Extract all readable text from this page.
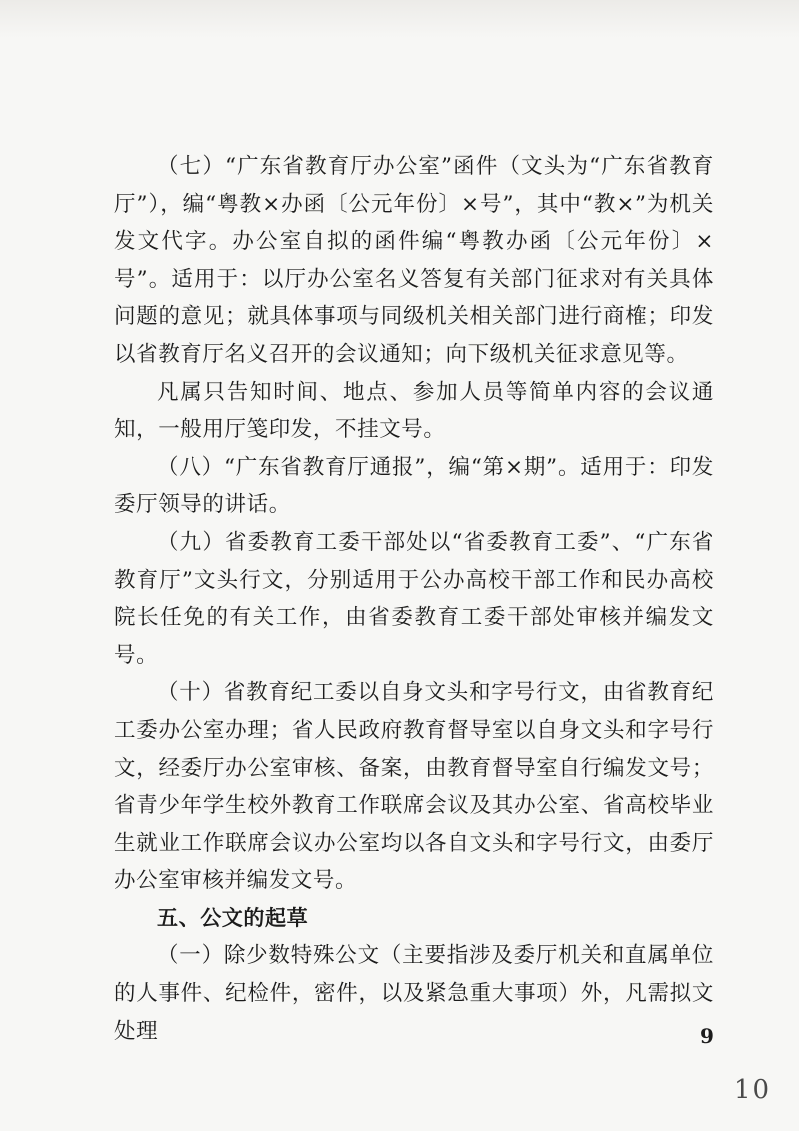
（七）“广东省教育厅办公室”函件（文头为“广东省教育厅”），编“粤教×办函〔公元年份〕×号”，其中“教×”为机关发文代字。办公室自拟的函件编“粤教办函〔公元年份〕×号”。适用于：以厅办公室名义答复有关部门征求对有关具体问题的意见；就具体事项与同级机关相关部门进行商榷；印发以省教育厅名义召开的会议通知；向下级机关征求意见等。

凡属只告知时间、地点、参加人员等简单内容的会议通知，一般用厅笺印发，不挂文号。

（八）“广东省教育厅通报”，编“第×期”。适用于：印发委厅领导的讲话。

（九）省委教育工委干部处以“省委教育工委”、“广东省教育厅”文头行文，分别适用于公办高校干部工作和民办高校院长任免的有关工作，由省委教育工委干部处审核并编发文号。

（十）省教育纪工委以自身文头和字号行文，由省教育纪工委办公室办理；省人民政府教育督导室以自身文头和字号行文，经委厅办公室审核、备案，由教育督导室自行编发文号；省青少年学生校外教育工作联席会议及其办公室、省高校毕业生就业工作联席会议办公室均以各自文头和字号行文，由委厅办公室审核并编发文号。

五、公文的起草

（一）除少数特殊公文（主要指涉及委厅机关和直属单位的人事件、纪检件，密件，以及紧急重大事项）外，凡需拟文处理	9
10
